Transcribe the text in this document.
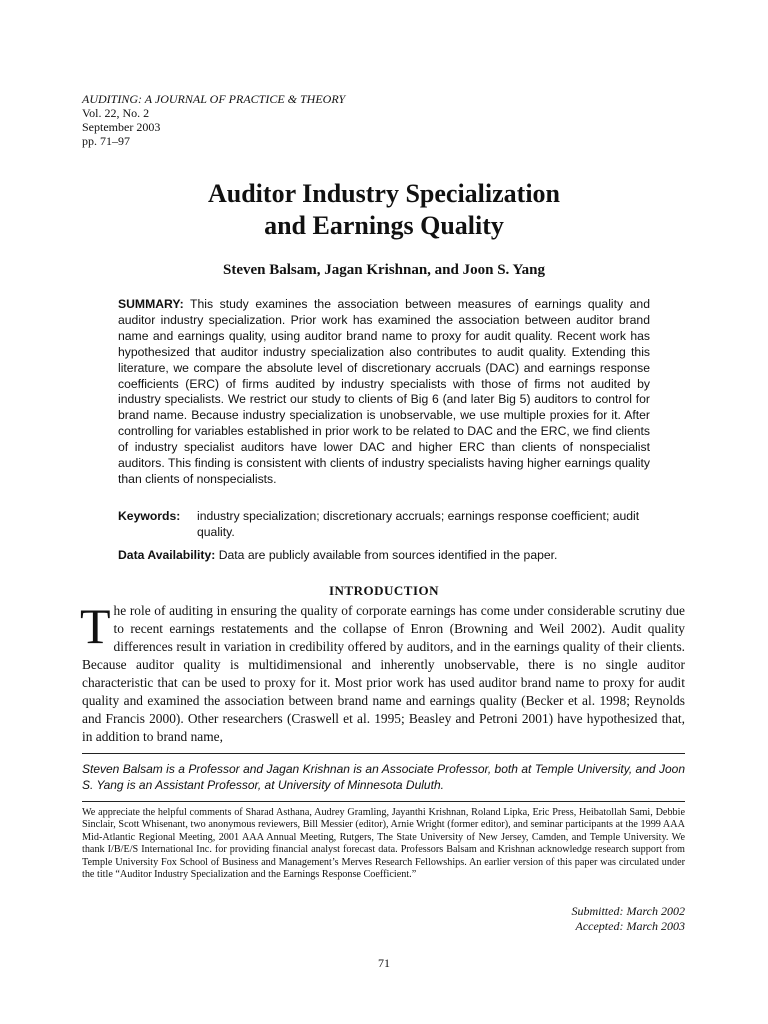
AUDITING: A JOURNAL OF PRACTICE & THEORY
Vol. 22, No. 2
September 2003
pp. 71–97
Auditor Industry Specialization
and Earnings Quality
Steven Balsam, Jagan Krishnan, and Joon S. Yang
SUMMARY: This study examines the association between measures of earnings quality and auditor industry specialization. Prior work has examined the association between auditor brand name and earnings quality, using auditor brand name to proxy for audit quality. Recent work has hypothesized that auditor industry specialization also contributes to audit quality. Extending this literature, we compare the absolute level of discretionary accruals (DAC) and earnings response coefficients (ERC) of firms audited by industry specialists with those of firms not audited by industry specialists. We restrict our study to clients of Big 6 (and later Big 5) auditors to control for brand name. Because industry specialization is unobservable, we use multiple proxies for it. After controlling for variables established in prior work to be related to DAC and the ERC, we find clients of industry specialist auditors have lower DAC and higher ERC than clients of nonspecialist auditors. This finding is consistent with clients of industry specialists having higher earnings quality than clients of nonspecialists.
Keywords: industry specialization; discretionary accruals; earnings response coefficient; audit quality.
Data Availability: Data are publicly available from sources identified in the paper.
INTRODUCTION
T he role of auditing in ensuring the quality of corporate earnings has come under considerable scrutiny due to recent earnings restatements and the collapse of Enron (Browning and Weil 2002). Audit quality differences result in variation in credibility offered by auditors, and in the earnings quality of their clients. Because auditor quality is multidimensional and inherently unobservable, there is no single auditor characteristic that can be used to proxy for it. Most prior work has used auditor brand name to proxy for audit quality and examined the association between brand name and earnings quality (Becker et al. 1998; Reynolds and Francis 2000). Other researchers (Craswell et al. 1995; Beasley and Petroni 2001) have hypothesized that, in addition to brand name,
Steven Balsam is a Professor and Jagan Krishnan is an Associate Professor, both at Temple University, and Joon S. Yang is an Assistant Professor, at University of Minnesota Duluth.
We appreciate the helpful comments of Sharad Asthana, Audrey Gramling, Jayanthi Krishnan, Roland Lipka, Eric Press, Heibatollah Sami, Debbie Sinclair, Scott Whisenant, two anonymous reviewers, Bill Messier (editor), Arnie Wright (former editor), and seminar participants at the 1999 AAA Mid-Atlantic Regional Meeting, 2001 AAA Annual Meeting, Rutgers, The State University of New Jersey, Camden, and Temple University. We thank I/B/E/S International Inc. for providing financial analyst forecast data. Professors Balsam and Krishnan acknowledge research support from Temple University Fox School of Business and Management’s Merves Research Fellowships. An earlier version of this paper was circulated under the title “Auditor Industry Specialization and the Earnings Response Coefficient.”
Submitted: March 2002
Accepted: March 2003
71
